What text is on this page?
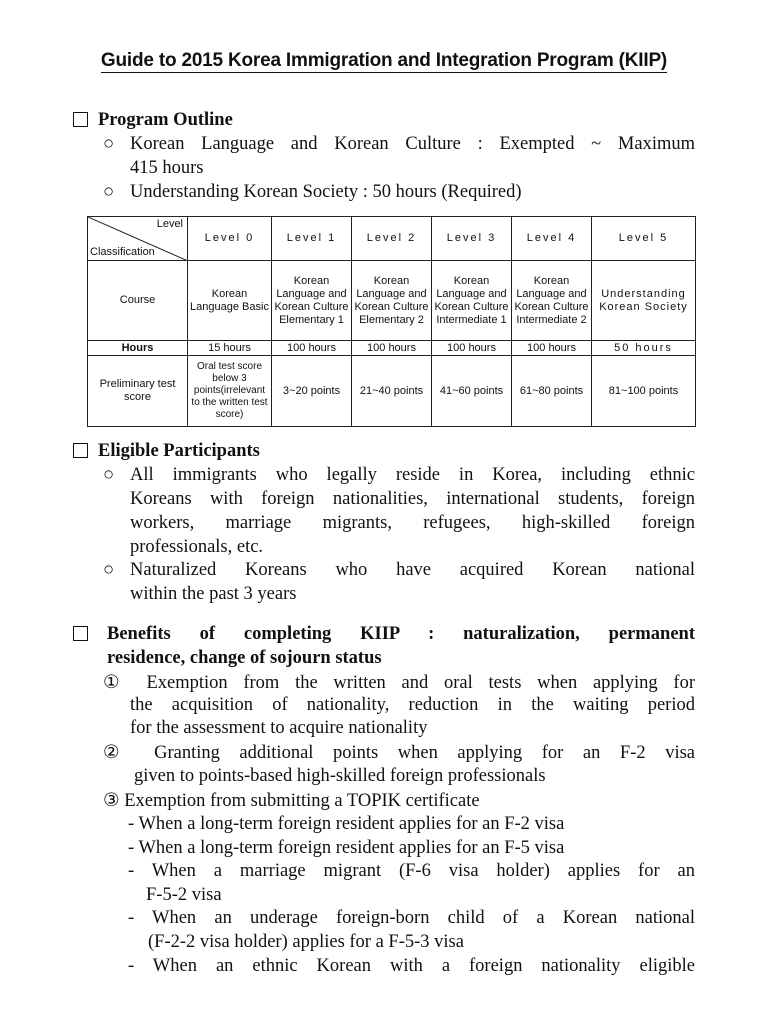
Guide to 2015 Korea Immigration and Integration Program (KIIP)
Program Outline
○ Korean Language and Korean Culture : Exempted ~ Maximum
415 hours
○ Understanding Korean Society : 50 hours (Required)
Level
Classification	Level 0	Level 1	Level 2	Level 3	Level 4	Level 5
Course	Korean Language Basic	Korean Language and Korean Culture Elementary 1	Korean Language and Korean Culture Elementary 2	Korean Language and Korean Culture Intermediate 1	Korean Language and Korean Culture Intermediate 2	Understanding Korean Society
Hours	15 hours	100 hours	100 hours	100 hours	100 hours	50 hours
Preliminary test score	Oral test score below 3 points(irrelevant to the written test score)	3~20 points	21~40 points	41~60 points	61~80 points	81~100 points
Eligible Participants
○ All immigrants who legally reside in Korea, including ethnic
Koreans with foreign nationalities, international students, foreign
workers, marriage migrants, refugees, high-skilled foreign
professionals, etc.
○ Naturalized Koreans who have acquired Korean national
within the past 3 years
Benefits of completing KIIP : naturalization, permanent
residence, change of sojourn status
① Exemption from the written and oral tests when applying for
the acquisition of nationality, reduction in the waiting period
for the assessment to acquire nationality
② Granting additional points when applying for an F-2 visa
given to points-based high-skilled foreign professionals
③ Exemption from submitting a TOPIK certificate
- When a long-term foreign resident applies for an F-2 visa
- When a long-term foreign resident applies for an F-5 visa
- When a marriage migrant (F-6 visa holder) applies for an
F-5-2 visa
- When an underage foreign-born child of a Korean national
(F-2-2 visa holder) applies for a F-5-3 visa
- When an ethnic Korean with a foreign nationality eligible
